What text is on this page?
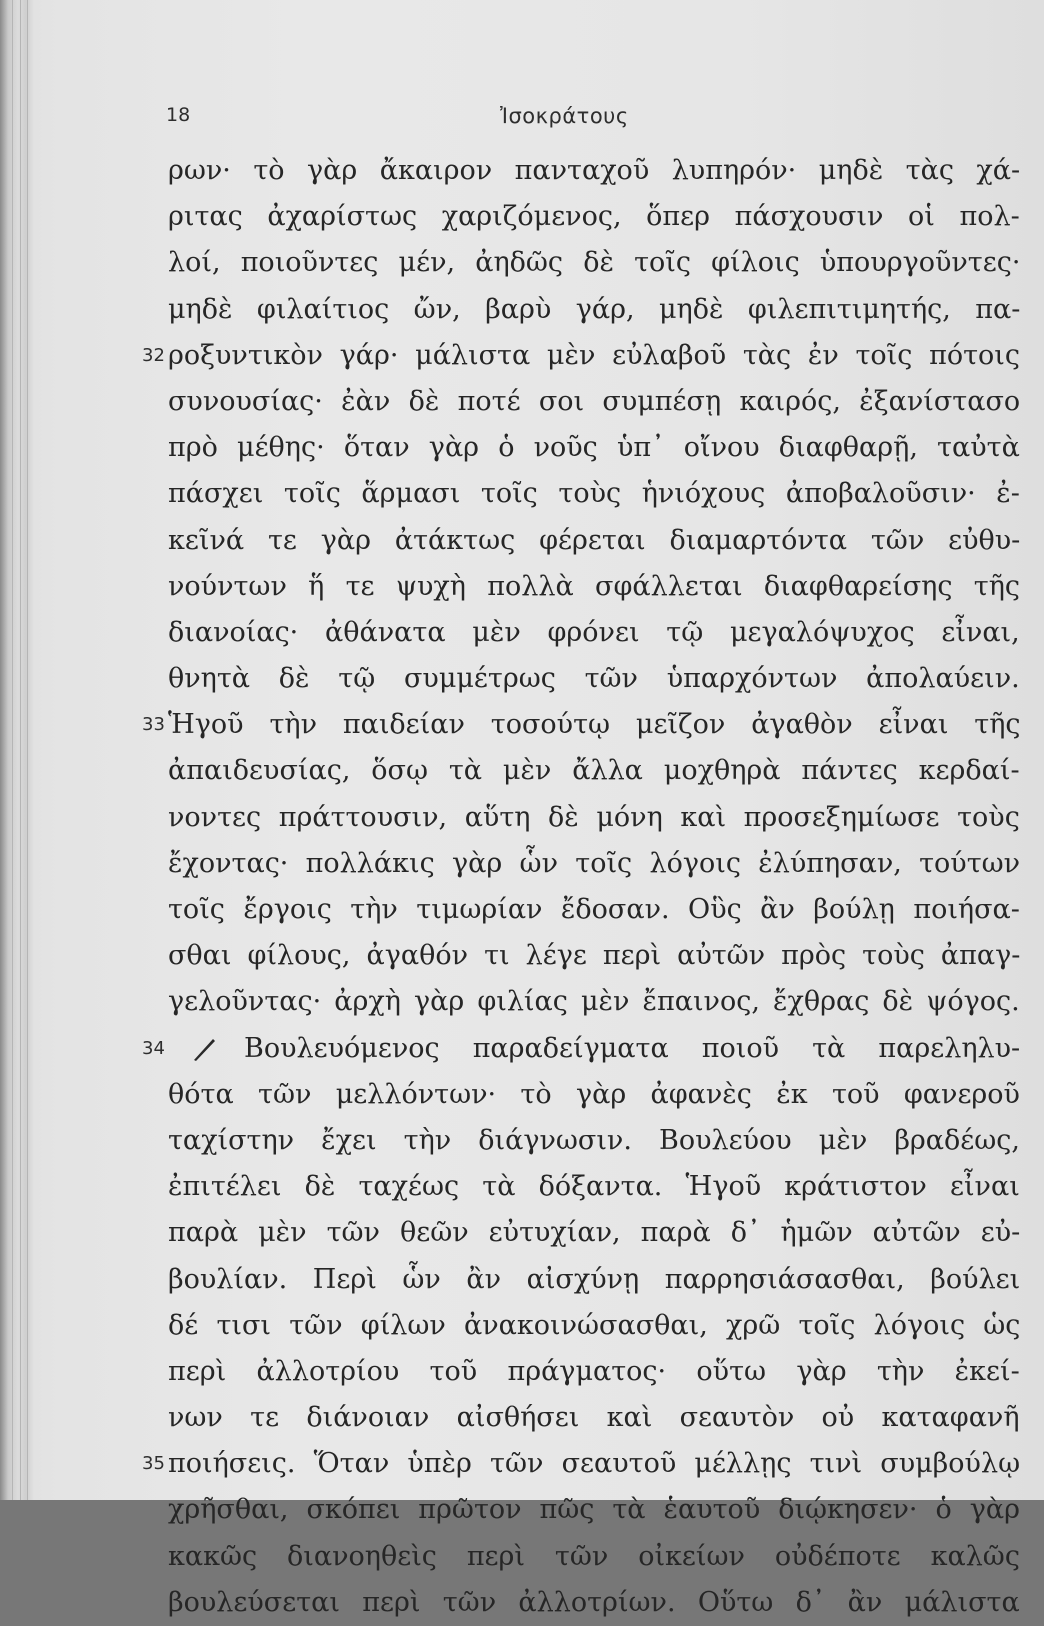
18	Ἰσοκράτους
ρων· τὸ γὰρ ἄκαιρον πανταχοῦ λυπηρόν· μηδὲ τὰς χά-
ριτας ἀχαρίστως χαριζόμενος, ὅπερ πάσχουσιν οἱ πολ-
λοί, ποιοῦντες μέν, ἀηδῶς δὲ τοῖς φίλοις ὑπουργοῦντες·
μηδὲ φιλαίτιος ὤν, βαρὺ γάρ, μηδὲ φιλεπιτιμητής, πα-
32 ροξυντικὸν γάρ· μάλιστα μὲν εὐλαβοῦ τὰς ἐν τοῖς πότοις
συνουσίας· ἐὰν δὲ ποτέ σοι συμπέσῃ καιρός, ἐξανίστασο
πρὸ μέθης· ὅταν γὰρ ὁ νοῦς ὑπ᾽ οἴνου διαφθαρῇ, ταὐτὰ
πάσχει τοῖς ἅρμασι τοῖς τοὺς ἡνιόχους ἀποβαλοῦσιν· ἐ-
κεῖνά τε γὰρ ἀτάκτως φέρεται διαμαρτόντα τῶν εὐθυ-
νούντων ἥ τε ψυχὴ πολλὰ σφάλλεται διαφθαρείσης τῆς
διανοίας· ἀθάνατα μὲν φρόνει τῷ μεγαλόψυχος εἶναι,
θνητὰ δὲ τῷ συμμέτρως τῶν ὑπαρχόντων ἀπολαύειν.
33 Ἡγοῦ τὴν παιδείαν τοσούτῳ μεῖζον ἀγαθὸν εἶναι τῆς
ἀπαιδευσίας, ὅσῳ τὰ μὲν ἄλλα μοχθηρὰ πάντες κερδαί-
νοντες πράττουσιν, αὕτη δὲ μόνη καὶ προσεξημίωσε τοὺς
ἔχοντας· πολλάκις γὰρ ὧν τοῖς λόγοις ἐλύπησαν, τούτων
τοῖς ἔργοις τὴν τιμωρίαν ἔδοσαν. Οὓς ἂν βούλῃ ποιήσα-
σθαι φίλους, ἀγαθόν τι λέγε περὶ αὐτῶν πρὸς τοὺς ἀπαγ-
γελοῦντας· ἀρχὴ γὰρ φιλίας μὲν ἔπαινος, ἔχθρας δὲ ψόγος.
34	Βουλευόμενος παραδείγματα ποιοῦ τὰ παρεληλυ-
θότα τῶν μελλόντων· τὸ γὰρ ἀφανὲς ἐκ τοῦ φανεροῦ
ταχίστην ἔχει τὴν διάγνωσιν. Βουλεύου μὲν βραδέως,
ἐπιτέλει δὲ ταχέως τὰ δόξαντα. Ἡγοῦ κράτιστον εἶναι
παρὰ μὲν τῶν θεῶν εὐτυχίαν, παρὰ δ᾽ ἡμῶν αὐτῶν εὐ-
βουλίαν. Περὶ ὧν ἂν αἰσχύνῃ παρρησιάσασθαι, βούλει
δέ τισι τῶν φίλων ἀνακοινώσασθαι, χρῶ τοῖς λόγοις ὡς
περὶ ἀλλοτρίου τοῦ πράγματος· οὕτω γὰρ τὴν ἐκεί-
νων τε διάνοιαν αἰσθήσει καὶ σεαυτὸν οὐ καταφανῆ
35 ποιήσεις. Ὅταν ὑπὲρ τῶν σεαυτοῦ μέλλῃς τινὶ συμβούλῳ
χρῆσθαι, σκόπει πρῶτον πῶς τὰ ἑαυτοῦ διῴκησεν· ὁ γὰρ
κακῶς διανοηθεὶς περὶ τῶν οἰκείων οὐδέποτε καλῶς
βουλεύσεται περὶ τῶν ἀλλοτρίων. Οὕτω δ᾽ ἂν μάλιστα
